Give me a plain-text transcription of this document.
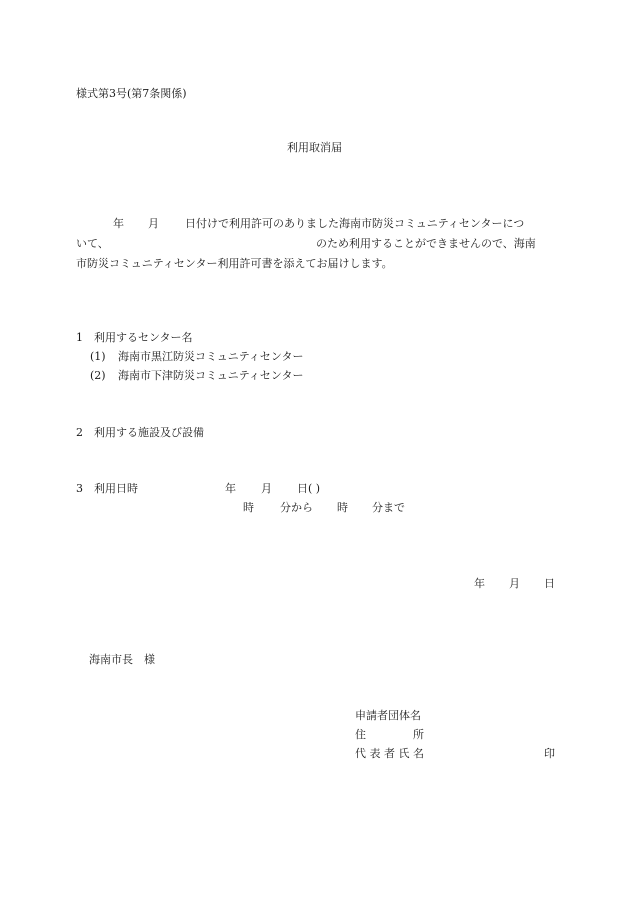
様式第3号(第7条関係)
利用取消届
年 月 日付けで利用許可のありました海南市防災コミュニティセンターにつ
いて、	のため利用することができませんので、海南
市防災コミュニティセンター利用許可書を添えてお届けします。
1 利用するセンター名
(1) 海南市黒江防災コミュニティセンター
(2) 海南市下津防災コミュニティセンター
2 利用する施設及び設備
3 利用日時	年 月 日( )
時 分から 時 分まで
年 月 日
海南市長　様
申請者団体名
住	所
代 表 者 氏 名	印
